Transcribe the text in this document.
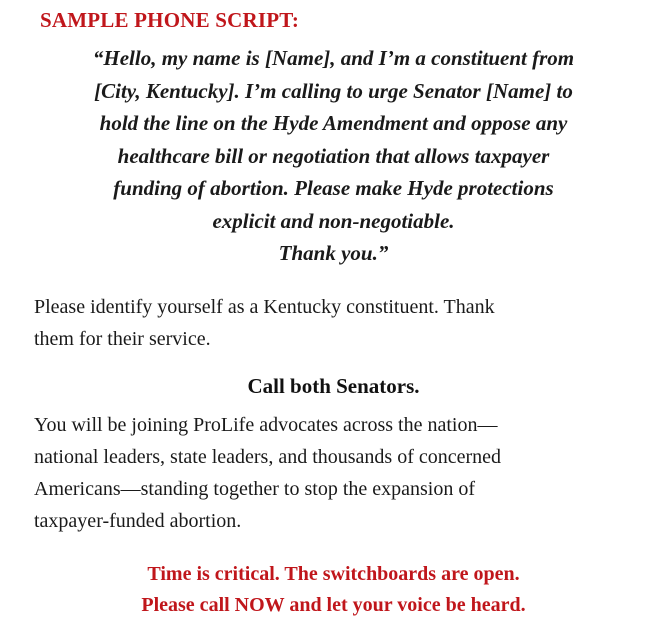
SAMPLE PHONE SCRIPT:
“Hello, my name is [Name], and I’m a constituent from
[City, Kentucky]. I’m calling to urge Senator [Name] to
hold the line on the Hyde Amendment and oppose any
healthcare bill or negotiation that allows taxpayer
funding of abortion. Please make Hyde protections
explicit and non-negotiable.
Thank you.”
Please identify yourself as a Kentucky constituent. Thank
them for their service.
Call both Senators.
You will be joining ProLife advocates across the nation—
national leaders, state leaders, and thousands of concerned
Americans—standing together to stop the expansion of
taxpayer-funded abortion.
Time is critical. The switchboards are open.
Please call NOW and let your voice be heard.
